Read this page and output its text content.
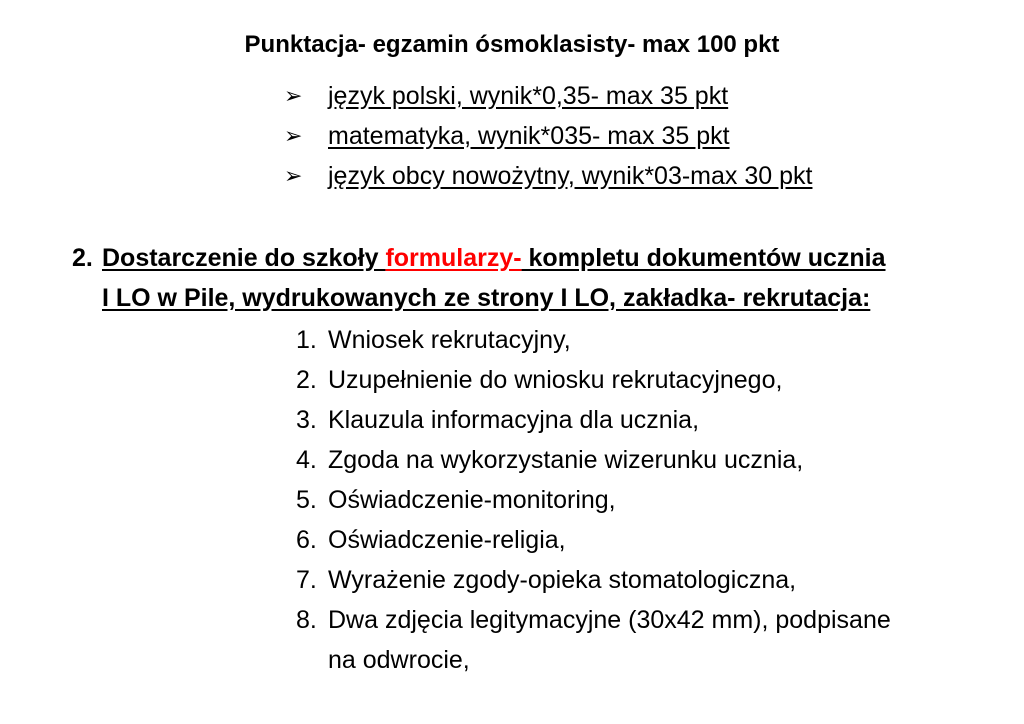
Punktacja- egzamin ósmoklasisty- max 100 pkt
➢	język polski, wynik*0,35- max 35 pkt
➢	matematyka, wynik*035- max 35 pkt
➢	język obcy nowożytny, wynik*03-max 30 pkt
2. Dostarczenie do szkoły formularzy- kompletu dokumentów ucznia
I LO w Pile, wydrukowanych ze strony I LO, zakładka- rekrutacja:
1. Wniosek rekrutacyjny,
2. Uzupełnienie do wniosku rekrutacyjnego,
3. Klauzula informacyjna dla ucznia,
4. Zgoda na wykorzystanie wizerunku ucznia,
5. Oświadczenie-monitoring,
6. Oświadczenie-religia,
7. Wyrażenie zgody-opieka stomatologiczna,
8. Dwa zdjęcia legitymacyjne (30x42 mm), podpisane
na odwrocie,
